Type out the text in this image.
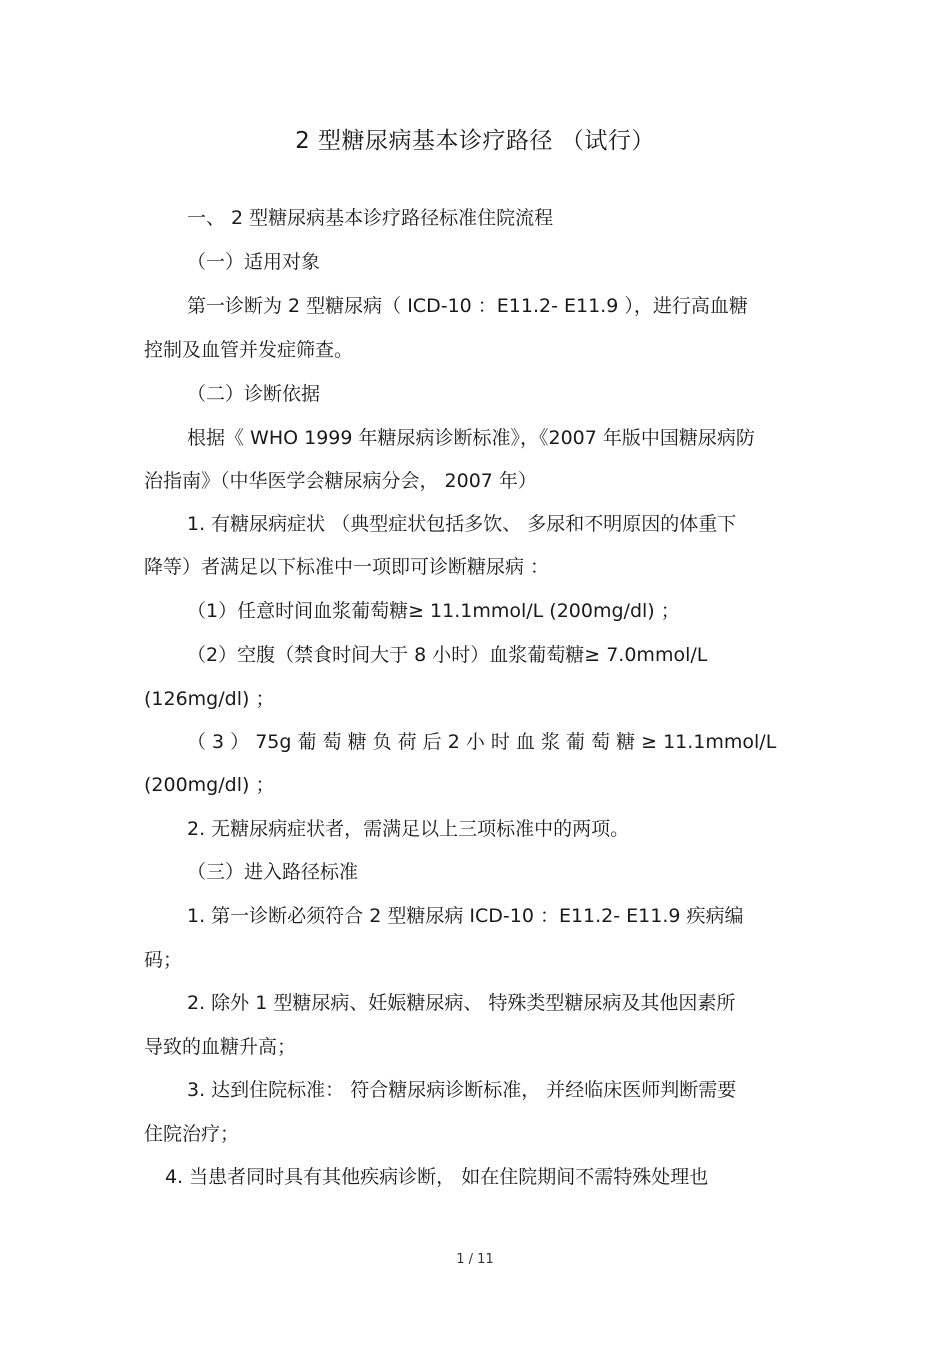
2 型糖尿病基本诊疗路径 （试行）

一、 2 型糖尿病基本诊疗路径标准住院流程

（一）适用对象

第一诊断为 2 型糖尿病（ ICD-10 ：E11.2- E11.9 ），进行高血糖

控制及血管并发症筛查。

（二）诊断依据

根据《 WHO 1999 年糖尿病诊断标准》，《2007 年版中国糖尿病防

治指南》（中华医学会糖尿病分会， 2007 年）

1. 有糖尿病症状 （典型症状包括多饮、 多尿和不明原因的体重下

降等）者满足以下标准中一项即可诊断糖尿病 ：

（1）任意时间血浆葡萄糖≥ 11.1mmol/L (200mg/dl) ；

（2）空腹（禁食时间大于 8 小时）血浆葡萄糖≥ 7.0mmol/L

(126mg/dl) ；

（ 3 ） 75g 葡 萄 糖 负 荷 后 2 小 时 血 浆 葡 萄 糖 ≥ 11.1mmol/L

(200mg/dl) ；

2. 无糖尿病症状者，需满足以上三项标准中的两项。

（三）进入路径标准

1. 第一诊断必须符合 2 型糖尿病 ICD-10 ：E11.2- E11.9 疾病编

码；

2. 除外 1 型糖尿病、妊娠糖尿病、 特殊类型糖尿病及其他因素所

导致的血糖升高；

3. 达到住院标准： 符合糖尿病诊断标准， 并经临床医师判断需要

住院治疗；

4. 当患者同时具有其他疾病诊断， 如在住院期间不需特殊处理也

1 / 11
